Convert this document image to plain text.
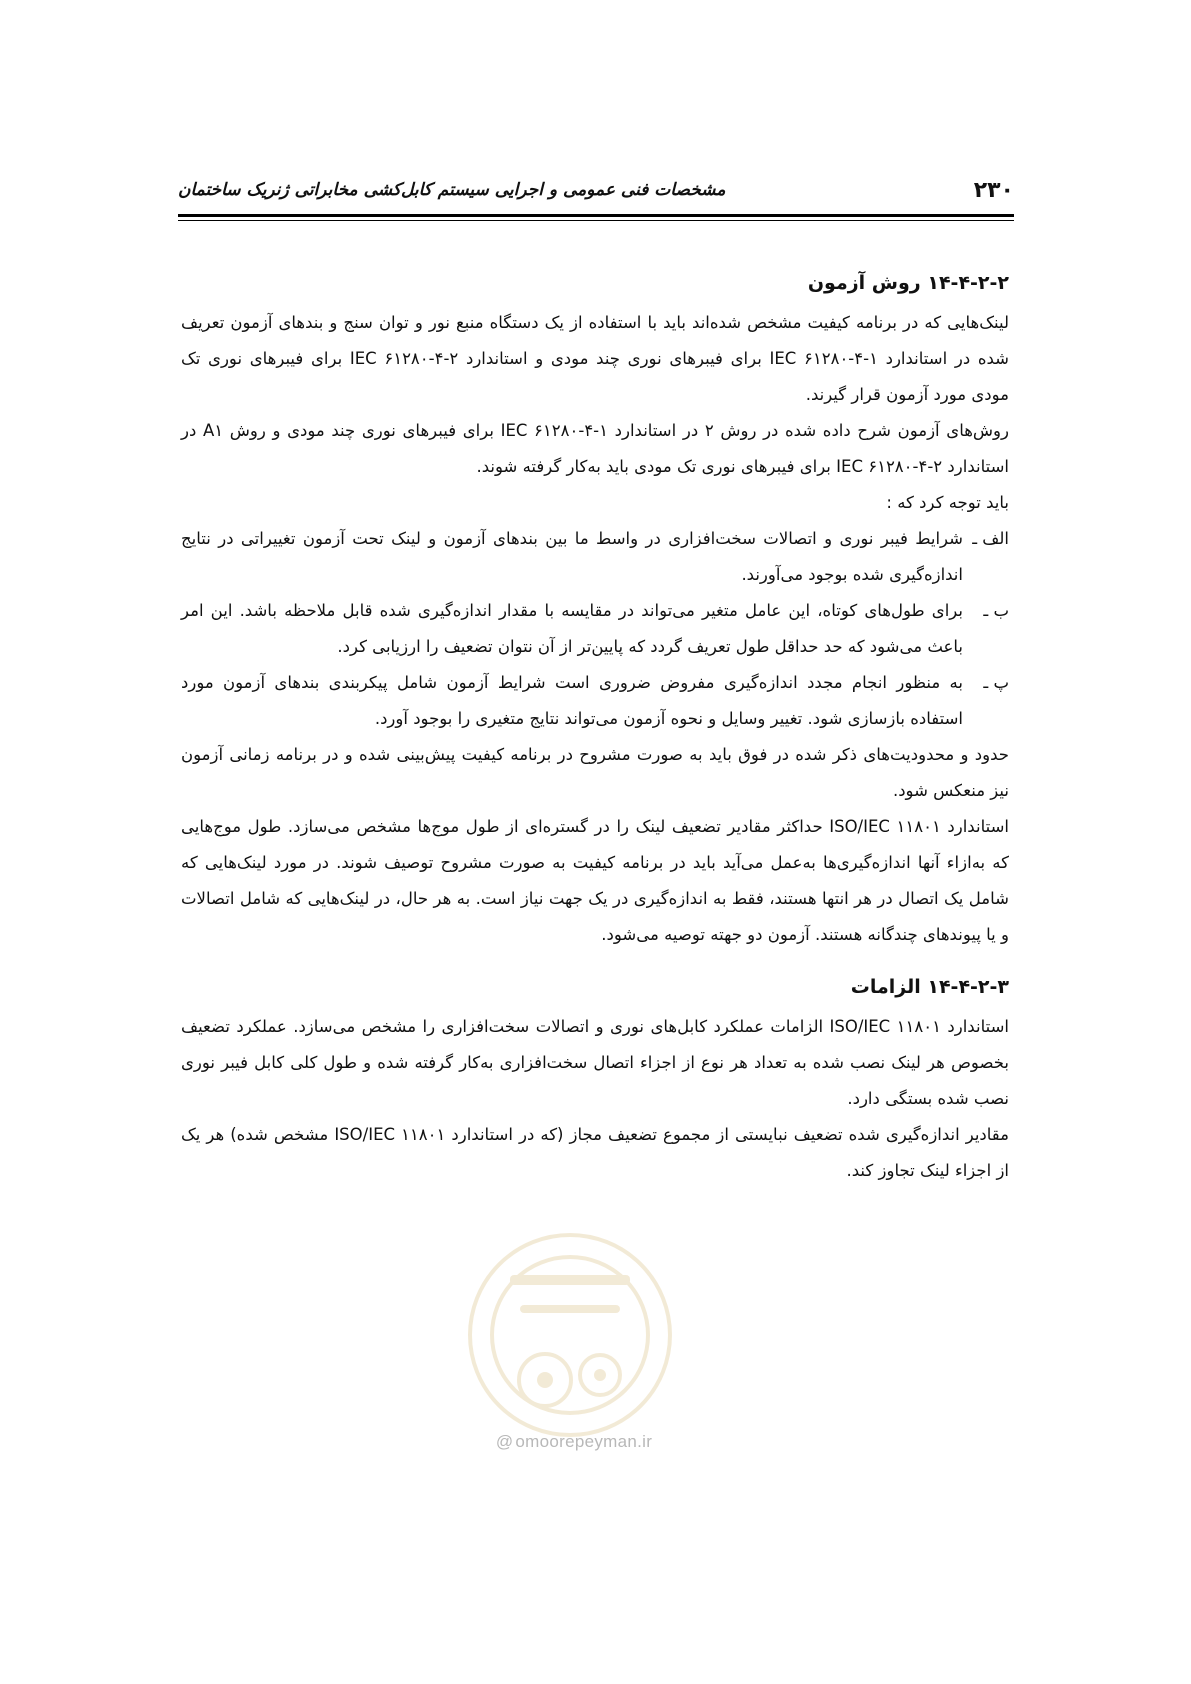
۲۳۰
مشخصات فنی عمومی و اجرایی سیستم کابل‌کشی مخابراتی ژنریک ساختمان
۱۴-۴-۲-۲ روش آزمون

لینک‌هایی که در برنامه کیفیت مشخص شده‌اند باید با استفاده از یک دستگاه منبع نور و توان سنج و بندهای آزمون تعریف شده در استاندارد IEC ۶۱۲۸۰-۴-۱ برای فیبرهای نوری چند مودی و استاندارد IEC ۶۱۲۸۰-۴-۲ برای فیبرهای نوری تک مودی مورد آزمون قرار گیرند.

روش‌های آزمون شرح داده شده در روش ۲ در استاندارد IEC ۶۱۲۸۰-۴-۱ برای فیبرهای نوری چند مودی و روش A۱ در استاندارد IEC ۶۱۲۸۰-۴-۲ برای فیبرهای نوری تک مودی باید به‌کار گرفته شوند.

باید توجه کرد که :

الف ـ
شرایط فیبر نوری و اتصالات سخت‌افزاری در واسط ما بین بندهای آزمون و لینک تحت آزمون تغییراتی در نتایج اندازه‌گیری شده بوجود می‌آورند.
ب ـ
برای طول‌های کوتاه، این عامل متغیر می‌تواند در مقایسه با مقدار اندازه‌گیری شده قابل ملاحظه باشد. این امر باعث می‌شود که حد حداقل طول تعریف گردد که پایین‌تر از آن نتوان تضعیف را ارزیابی کرد.
پ ـ
به منظور انجام مجدد اندازه‌گیری مفروض ضروری است شرایط آزمون شامل پیکربندی بندهای آزمون مورد استفاده بازسازی شود. تغییر وسایل و نحوه آزمون می‌تواند نتایج متغیری را بوجود آورد.

حدود و محدودیت‌های ذکر شده در فوق باید به صورت مشروح در برنامه کیفیت پیش‌بینی شده و در برنامه زمانی آزمون نیز منعکس شود.

استاندارد ISO/IEC ۱۱۸۰۱ حداکثر مقادیر تضعیف لینک را در گستره‌ای از طول موج‌ها مشخص می‌سازد. طول موج‌هایی که به‌ازاء آنها اندازه‌گیری‌ها به‌عمل می‌آید باید در برنامه کیفیت به صورت مشروح توصیف شوند. در مورد لینک‌هایی که شامل یک اتصال در هر انتها هستند، فقط به اندازه‌گیری در یک جهت نیاز است. به هر حال، در لینک‌هایی که شامل اتصالات و یا پیوندهای چندگانه هستند. آزمون دو جهته توصیه می‌شود.

۱۴-۴-۲-۳ الزامات

استاندارد ISO/IEC ۱۱۸۰۱ الزامات عملکرد کابل‌های نوری و اتصالات سخت‌افزاری را مشخص می‌سازد. عملکرد تضعیف بخصوص هر لینک نصب شده به تعداد هر نوع از اجزاء اتصال سخت‌افزاری به‌کار گرفته شده و طول کلی کابل فیبر نوری نصب شده بستگی دارد.

مقادیر اندازه‌گیری شده تضعیف نبایستی از مجموع تضعیف مجاز (که در استاندارد ISO/IEC ۱۱۸۰۱ مشخص شده) هر یک از اجزاء لینک تجاوز کند.

@ omoorepeyman.ir
